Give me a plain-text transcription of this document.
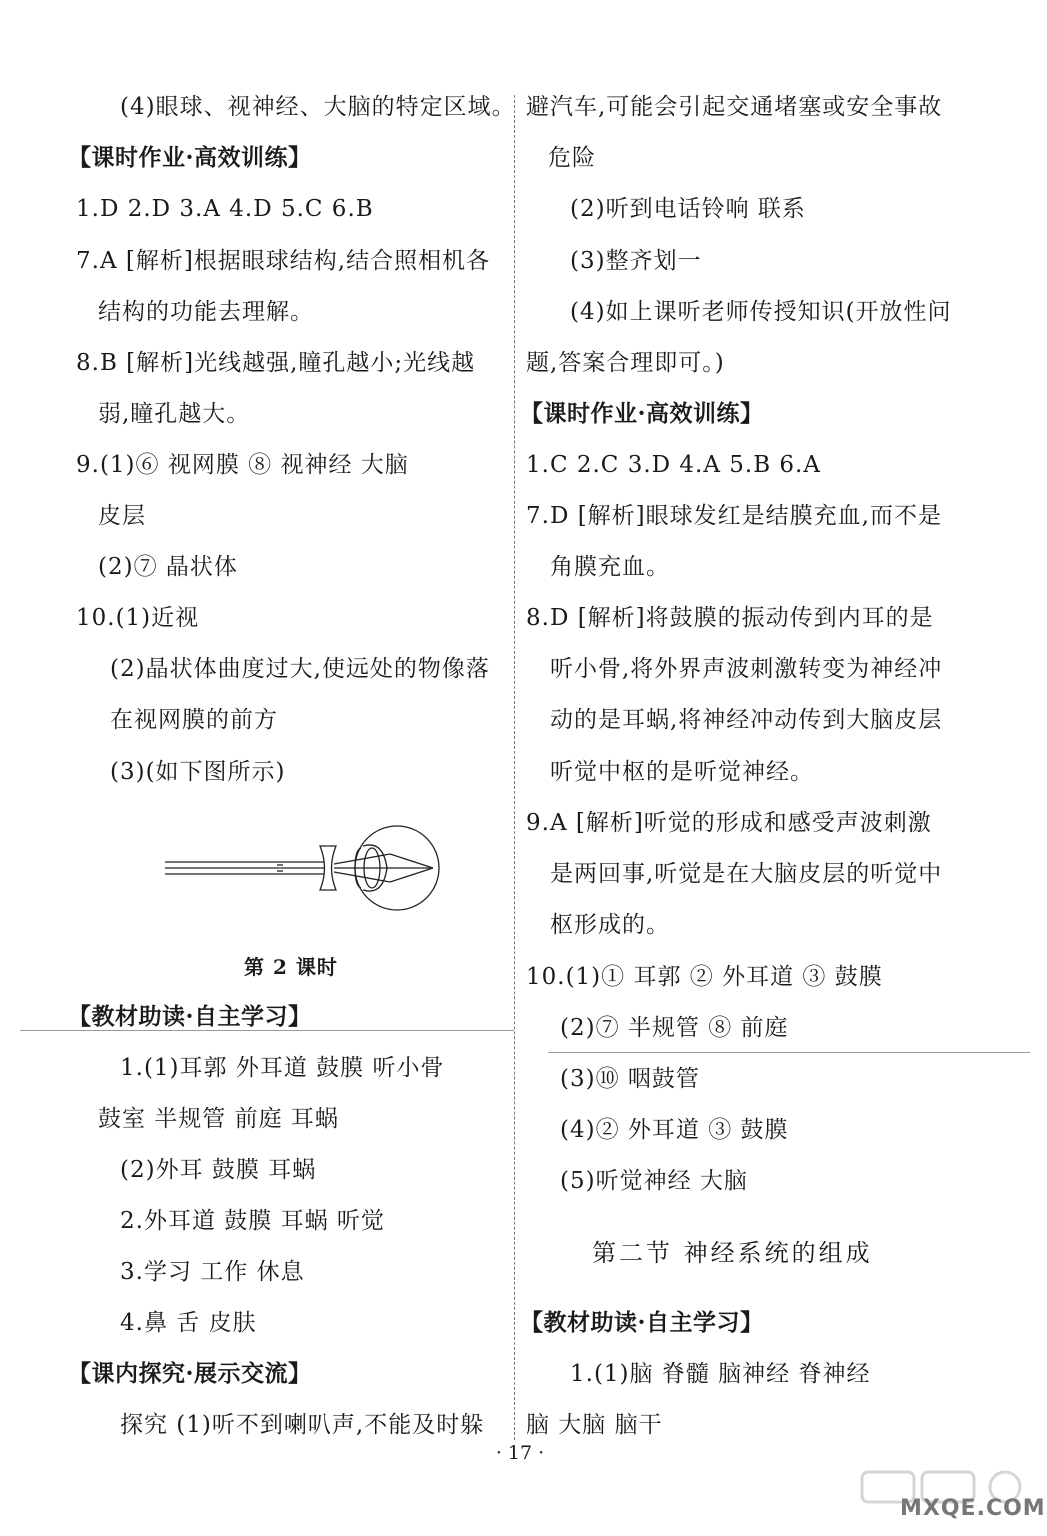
(4)眼球、视神经、大脑的特定区域。
【课时作业·高效训练】
1.D 2.D 3.A 4.D 5.C 6.B
7.A [解析]根据眼球结构,结合照相机各
结构的功能去理解。
8.B [解析]光线越强,瞳孔越小;光线越
弱,瞳孔越大。
9.(1)⑥ 视网膜 ⑧ 视神经 大脑
皮层
(2)⑦ 晶状体
10.(1)近视
(2)晶状体曲度过大,使远处的物像落
在视网膜的前方
(3)(如下图所示)
第 2 课时
【教材助读·自主学习】
1.(1)耳郭 外耳道 鼓膜 听小骨
鼓室 半规管 前庭 耳蜗
(2)外耳 鼓膜 耳蜗
2.外耳道 鼓膜 耳蜗 听觉
3.学习 工作 休息
4.鼻 舌 皮肤
【课内探究·展示交流】
探究 (1)听不到喇叭声,不能及时躲
避汽车,可能会引起交通堵塞或安全事故
危险
(2)听到电话铃响 联系
(3)整齐划一
(4)如上课听老师传授知识(开放性问
题,答案合理即可。)
【课时作业·高效训练】
1.C 2.C 3.D 4.A 5.B 6.A
7.D [解析]眼球发红是结膜充血,而不是
角膜充血。
8.D [解析]将鼓膜的振动传到内耳的是
听小骨,将外界声波刺激转变为神经冲
动的是耳蜗,将神经冲动传到大脑皮层
听觉中枢的是听觉神经。
9.A [解析]听觉的形成和感受声波刺激
是两回事,听觉是在大脑皮层的听觉中
枢形成的。
10.(1)① 耳郭 ② 外耳道 ③ 鼓膜
(2)⑦ 半规管 ⑧ 前庭
(3)⑩ 咽鼓管
(4)② 外耳道 ③ 鼓膜
(5)听觉神经 大脑
第二节 神经系统的组成
【教材助读·自主学习】
1.(1)脑 脊髓 脑神经 脊神经
脑 大脑 脑干
· 17 ·
MXQE.COM
